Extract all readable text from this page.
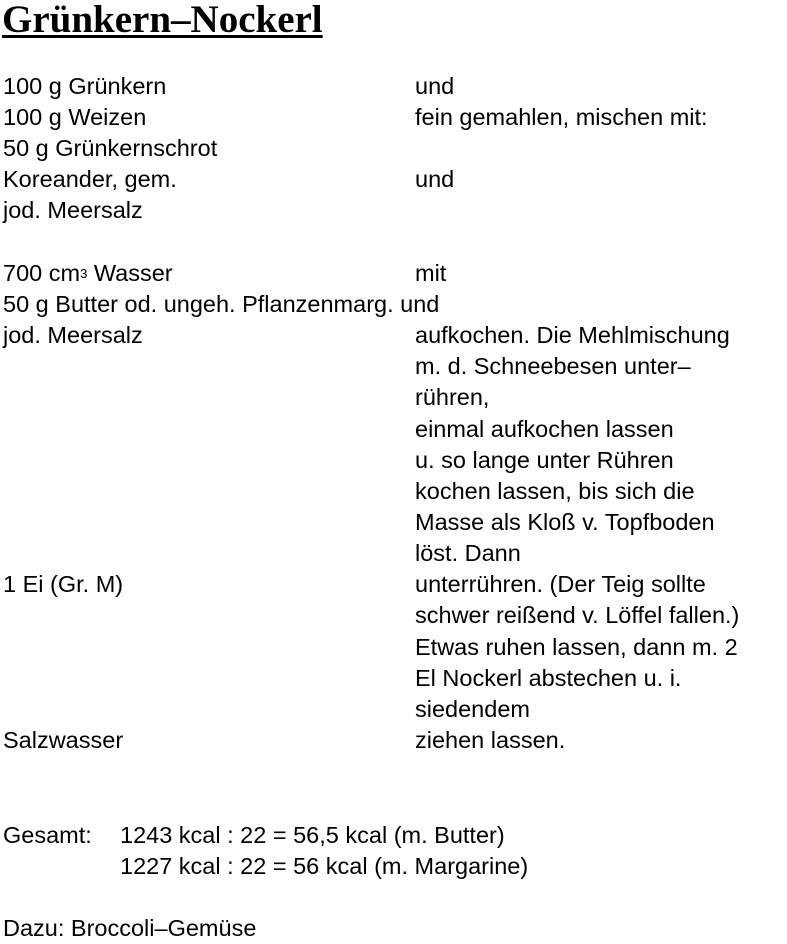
Grünkern–Nockerl
100 g Grünkern	und
100 g Weizen	fein gemahlen, mischen mit:
50 g Grünkernschrot
Koreander, gem.	und
jod. Meersalz
700 $cm^3$ Wasser	mit
50 g Butter od. ungeh. Pflanzenmarg. und
jod. Meersalz	aufkochen. Die Mehlmischung
m. d. Schneebesen unter–
rühren,
einmal aufkochen lassen
u. so lange unter Rühren
kochen lassen, bis sich die
Masse als Kloß v. Topfboden
löst. Dann
1 Ei (Gr. M)	unterrühren. (Der Teig sollte
schwer reißend v. Löffel fallen.)
Etwas ruhen lassen, dann m. 2
El Nockerl abstechen u. i.
siedendem
Salzwasser	ziehen lassen.
Gesamt: 1243 kcal : 22 = 56,5 kcal (m. Butter)
1227 kcal : 22 = 56 kcal (m. Margarine)
Dazu: Broccoli–Gemüse
